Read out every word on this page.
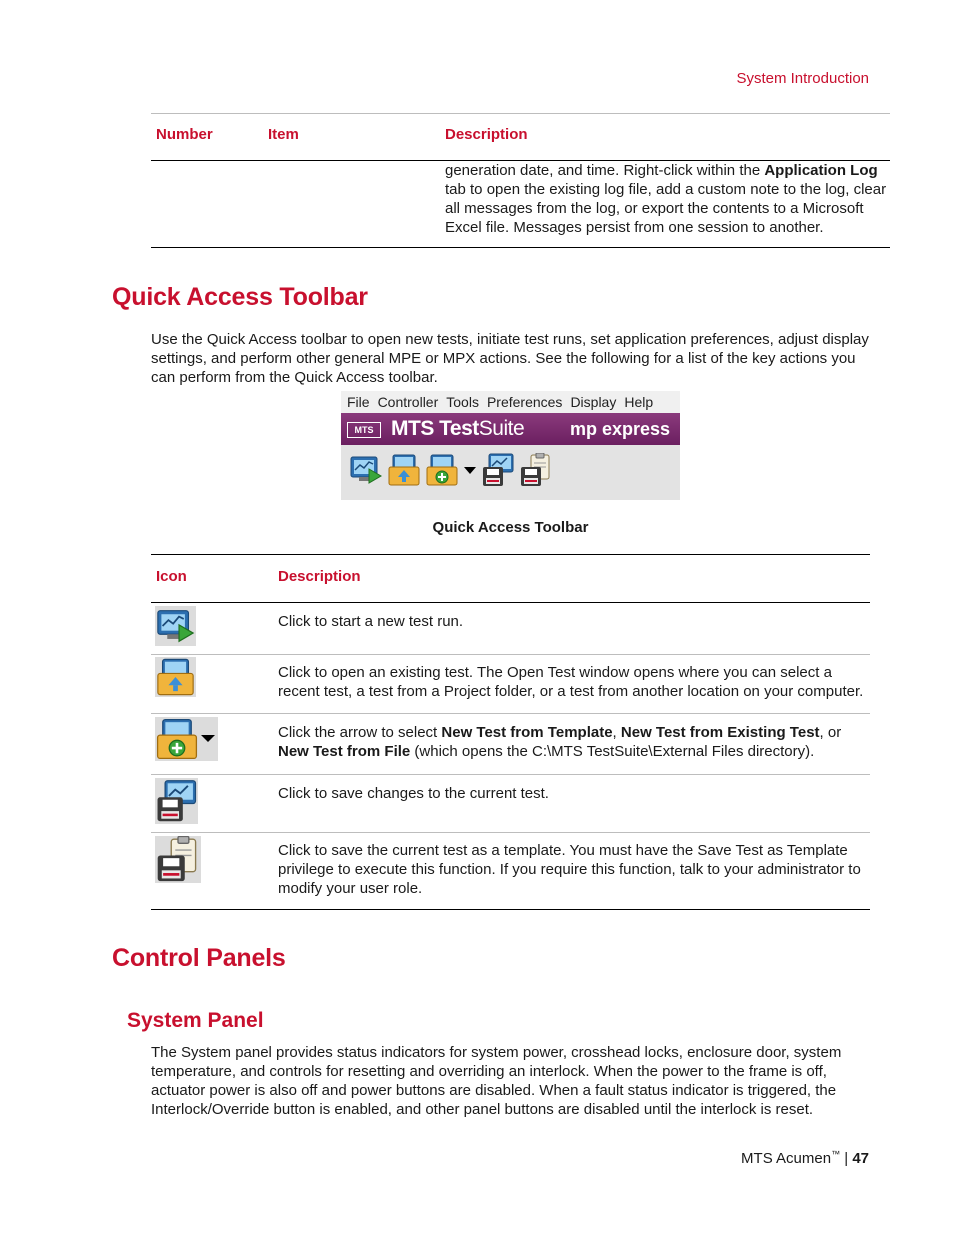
System Introduction
Number	Item	Description
generation date, and time. Right-click within the Application Log tab to open the existing log file, add a custom note to the log, clear all messages from the log, or export the contents to a Microsoft Excel file. Messages persist from one session to another.
Quick Access Toolbar
Use the Quick Access toolbar to open new tests, initiate test runs, set application preferences, adjust display settings, and perform other general MPE or MPX actions. See the following for a list of the key actions you can perform from the Quick Access toolbar.
File Controller Tools Preferences Display Help
MTS MTS TestSuite	mp express
Quick Access Toolbar
Icon	Description
Click to start a new test run.
Click to open an existing test. The Open Test window opens where you can select a recent test, a test from a Project folder, or a test from another location on your computer.
Click the arrow to select New Test from Template, New Test from Existing Test, or New Test from File (which opens the C:\MTS TestSuite\External Files directory).
Click to save changes to the current test.
Click to save the current test as a template. You must have the Save Test as Template privilege to execute this function. If you require this function, talk to your administrator to modify your user role.
Control Panels
System Panel
The System panel provides status indicators for system power, crosshead locks, enclosure door, system temperature, and controls for resetting and overriding an interlock. When the power to the frame is off, actuator power is also off and power buttons are disabled. When a fault status indicator is triggered, the Interlock/Override button is enabled, and other panel buttons are disabled until the interlock is reset.
MTS Acumen™ | 47
